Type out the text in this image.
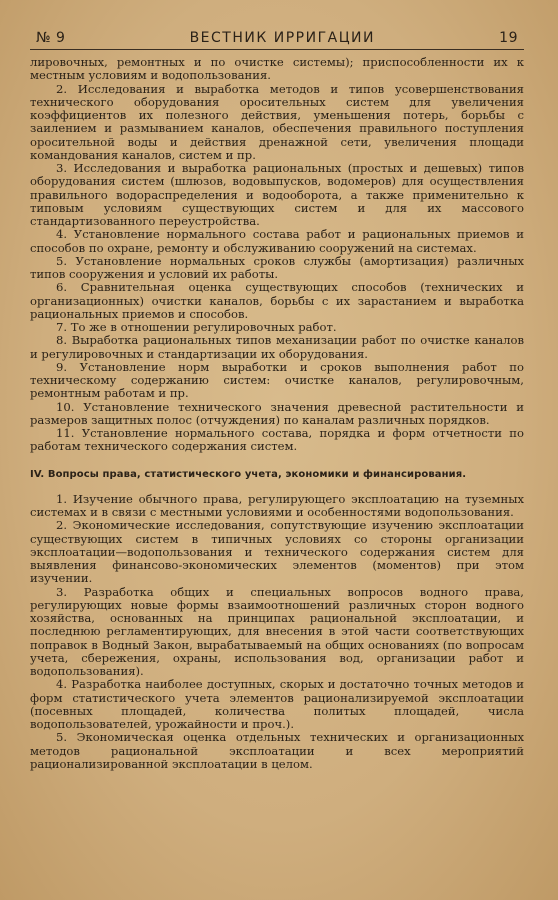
№ 9	ВЕСТНИК ИРРИГАЦИИ	19

лировочных, ремонтных и по очистке системы); приспособленности их к местным условиям и водопользования.

2. Исследования и выработка методов и типов усовершенствования технического оборудования оросительных систем для увеличения коэффициентов их полезного действия, уменьшения потерь, борьбы с заилением и размыванием каналов, обеспечения правильного поступления оросительной воды и действия дренажной сети, увеличения площади командования каналов, систем и пр.

3. Исследования и выработка рациональных (простых и дешевых) типов оборудования систем (шлюзов, водовыпусков, водомеров) для осуществления правильного водораспределения и водооборота, а также применительно к типовым условиям существующих систем и для их массового стандартизованного переустройства.

4. Установление нормального состава работ и рациональных приемов и способов по охране, ремонту и обслуживанию сооружений на системах.

5. Установление нормальных сроков службы (амортизация) различных типов сооружения и условий их работы.

6. Сравнительная оценка существующих способов (технических и организационных) очистки каналов, борьбы с их зарастанием и выработка рациональных приемов и способов.

7. То же в отношении регулировочных работ.

8. Выработка рациональных типов механизации работ по очистке каналов и регулировочных и стандартизации их оборудования.

9. Установление норм выработки и сроков выполнения работ по техническому содержанию систем: очистке каналов, регулировочным, ремонтным работам и пр.

10. Установление технического значения древесной растительности и размеров защитных полос (отчуждения) по каналам различных порядков.

11. Установление нормального состава, порядка и форм отчетности по работам технического содержания систем.

IV. Вопросы права, статистического учета, экономики и финансирования.

1. Изучение обычного права, регулирующего эксплоатацию на туземных системах и в связи с местными условиями и особенностями водопользования.

2. Экономические исследования, сопутствующие изучению эксплоатации существующих систем в типичных условиях со стороны организации эксплоатации—водопользования и технического содержания систем для выявления финансово-экономических элементов (моментов) при этом изучении.

3. Разработка общих и специальных вопросов водного права, регулирующих новые формы взаимоотношений различных сторон водного хозяйства, основанных на принципах рациональной эксплоатации, и последнюю регламентирующих, для внесения в этой части соответствующих поправок в Водный Закон, вырабатываемый на общих основаниях (по вопросам учета, сбережения, охраны, использования вод, организации работ и водопользования).

4. Разработка наиболее доступных, скорых и достаточно точных методов и форм статистического учета элементов рационализируемой эксплоатации (посевных площадей, количества политых площадей, числа водопользователей, урожайности и проч.).

5. Экономическая оценка отдельных технических и организационных методов рациональной эксплоатации и всех мероприятий рационализированной эксплоатации в целом.
